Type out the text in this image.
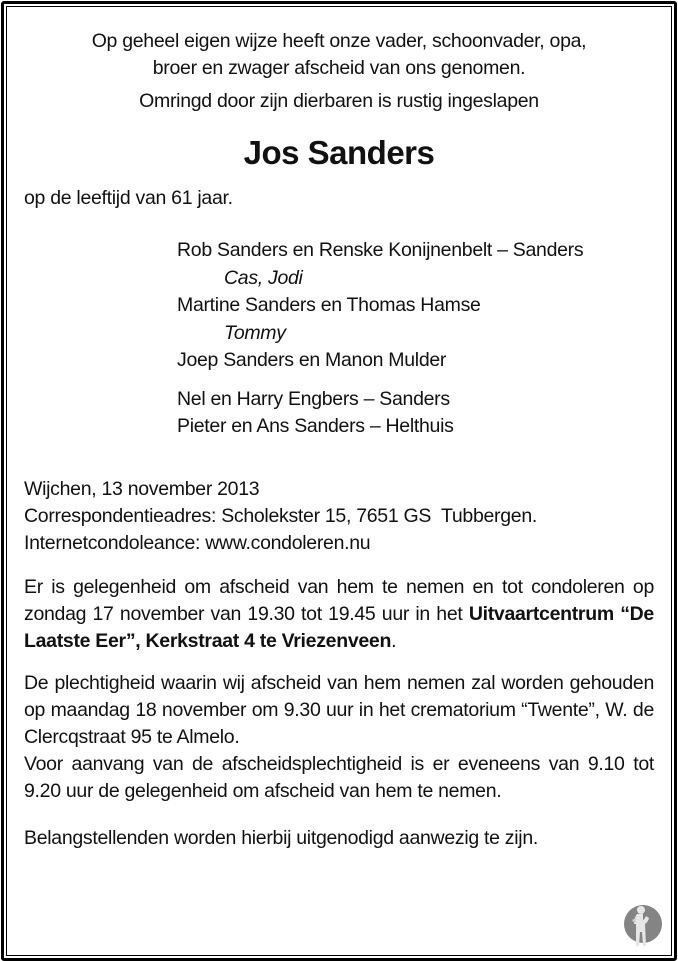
Op geheel eigen wijze heeft onze vader, schoonvader, opa,

broer en zwager afscheid van ons genomen.

Omringd door zijn dierbaren is rustig ingeslapen

Jos Sanders

op de leeftijd van 61 jaar.

Rob Sanders en Renske Konijnenbelt – Sanders
Cas, Jodi
Martine Sanders en Thomas Hamse
Tommy
Joep Sanders en Manon Mulder
Nel en Harry Engbers – Sanders
Pieter en Ans Sanders – Helthuis
Wijchen, 13 november 2013
Correspondentieadres: Scholekster 15, 7651 GS  Tubbergen.
Internetcondoleance: www.condoleren.nu

Er is gelegenheid om afscheid van hem te nemen en tot condoleren op zondag 17 november van 19.30 tot 19.45 uur in het Uitvaartcentrum “De Laatste Eer”, Kerkstraat 4 te Vriezenveen.

De plechtigheid waarin wij afscheid van hem nemen zal worden gehouden op maandag 18 november om 9.30 uur in het crematorium “Twente”, W. de Clercqstraat 95 te Almelo.

Voor aanvang van de afscheidsplechtigheid is er eveneens van 9.10 tot 9.20 uur de gelegenheid om afscheid van hem te nemen.

Belangstellenden worden hierbij uitgenodigd aanwezig te zijn.
